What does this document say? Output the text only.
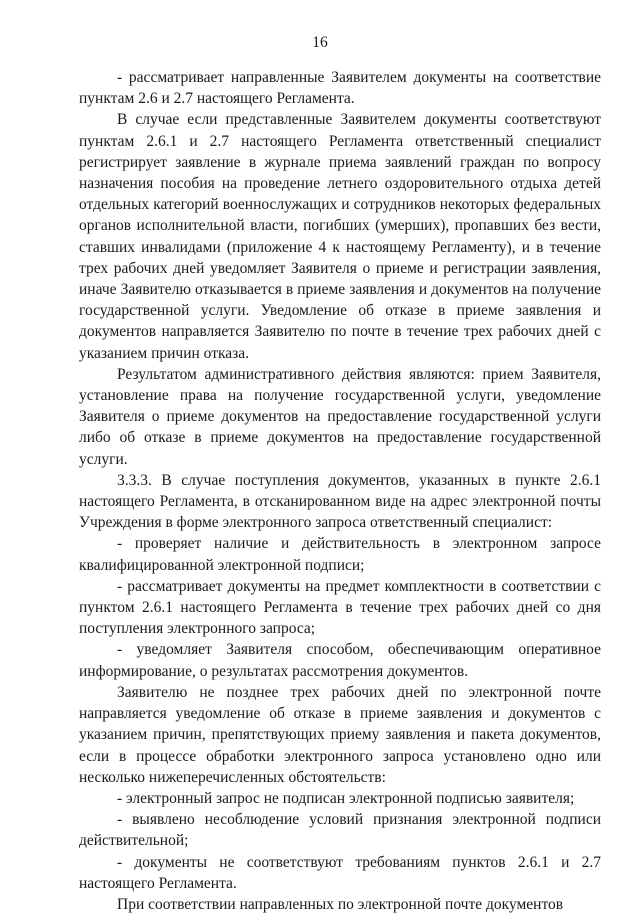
16

- рассматривает направленные Заявителем документы на соответствие пунктам 2.6 и 2.7 настоящего Регламента.

В случае если представленные Заявителем документы соответствуют пунктам 2.6.1 и 2.7 настоящего Регламента ответственный специалист регистрирует заявление в журнале приема заявлений граждан по вопросу назначения пособия на проведение летнего оздоровительного отдыха детей отдельных категорий военнослужащих и сотрудников некоторых федеральных органов исполнительной власти, погибших (умерших), пропавших без вести, ставших инвалидами (приложение 4 к настоящему Регламенту), и в течение трех рабочих дней уведомляет Заявителя о приеме и регистрации заявления, иначе Заявителю отказывается в приеме заявления и документов на получение государственной услуги. Уведомление об отказе в приеме заявления и документов направляется Заявителю по почте в течение трех рабочих дней с указанием причин отказа.

Результатом административного действия являются: прием Заявителя, установление права на получение государственной услуги, уведомление Заявителя о приеме документов на предоставление государственной услуги либо об отказе в приеме документов на предоставление государственной услуги.

3.3.3. В случае поступления документов, указанных в пункте 2.6.1 настоящего Регламента, в отсканированном виде на адрес электронной почты Учреждения в форме электронного запроса ответственный специалист:

- проверяет наличие и действительность в электронном запросе квалифицированной электронной подписи;

- рассматривает документы на предмет комплектности в соответствии с пунктом 2.6.1 настоящего Регламента в течение трех рабочих дней со дня поступления электронного запроса;

- уведомляет Заявителя способом, обеспечивающим оперативное информирование, о результатах рассмотрения документов.

Заявителю не позднее трех рабочих дней по электронной почте направляется уведомление об отказе в приеме заявления и документов с указанием причин, препятствующих приему заявления и пакета документов, если в процессе обработки электронного запроса установлено одно или несколько нижеперечисленных обстоятельств:

- электронный запрос не подписан электронной подписью заявителя;

- выявлено несоблюдение условий признания электронной подписи действительной;

- документы не соответствуют требованиям пунктов 2.6.1 и 2.7 настоящего Регламента.

При соответствии направленных по электронной почте документов
